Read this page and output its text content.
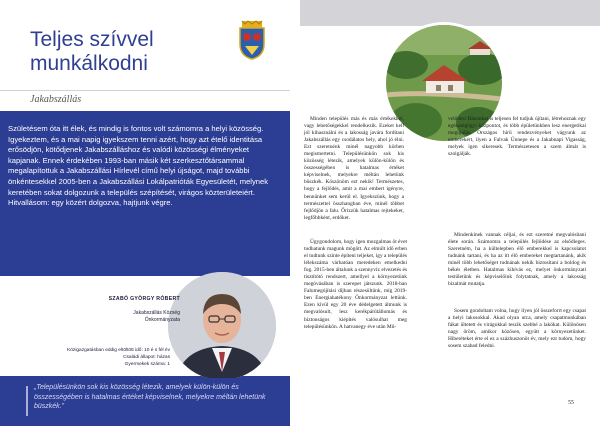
Teljes szívvel
munkálkodni
Jakabszállás
Születésem óta itt élek, és mindig is fontos volt számomra a helyi közösség. Igyekeztem, és a mai napig igyekszem tenni azért, hogy azt ételő identitása erősödjön, kötődjenek Jakabszálláshoz és valódi közösségi élményeket kapjanak. Ennek érdekében 1993-ban másik két szerkesztőtársammal megalapítottuk a Jakabszállási Hírlevél című helyi újságot, majd további önkéntesekkel 2005-ben a Jakabszállási Lokálpatrióták Egyesületét, melynek keretében sokat dolgozunk a település szépítését, virágos közterületeiért. Hitvallásom: egy közért dolgozva, hajtjunk végre.
SZABÓ GYÖRGY RÓBERT
Jakabszállás Község
Önkormányzata
Közigazgatásban eddig eltöltött idő: 10 é s fél év
Családi állapot: házas
Gyermekek száma: 1
„Településünkön sok kis közösség létezik, amelyek külön-külön és összességében is hatalmas értéket képviselnek, melyekre méltán lehetünk büszkék.”

Minden település más és más értékekkel, vagy lehetőségekkel rendelkezik. Ezeket kell jól kihasználni és a lakosság javára fordítani Jakabszállás egy csodálatos hely, ahol jó élni. Ezt szeretnénk minél nagyobb körben megismertetni. Településünkön sok kis közösség létezik, amelyek külön-külön és összességében is hatalmas értéket képviselnek, melyekre méltán lehetünk büszkék. Köszönöm ezt nekik! Természetes, hogy a fejlődés, amit a mai embert igényre, bennünket sem kerül el. Igyekszünk, hogy a természettel összhangban éve, minél többet fejlődjön a falu. Őrizzük hatalmas rejtekeket, legfőbbként, erdőket.

Ügygondolom, hogy igen mozgalmas öt évet tudhatunk magunk mögött. Az elmúlt idő erben el tudtunk szinte építeni teljeket, így a település lélekszáma várhatóan meredeken emelkedni fog. 2015-ben általunk a szennyvíz elvezetés és tisztítótó rendszert, amellyel a környezetünk megóvásában is szerepet játszunk. 2018-ban Falumegújítási díjban részesültünk, míg 2019-ben Energiahatékony Önkormányzat lettünk. Ezen kívül egy 20 éve dédelgetett álmunk is megvalósult, lesz kerékpárútállomás és biztonságos kiépítés valósulhat meg településünkön. A hatvanegy éve után Mű-

velődési Házunkat is teljesen fel tudjuk újítani, létrehoznak egy egészségügyi központot, és több épületünkben lesz energetikai megújulás. Országos hírű rendezvényeket vágyunk az emberekért, ilyen a Falvak Ünnepe és a Jakabnapi Vigasság, melyek igen sikeresek. Természetesen a szem álmát is szolgálják.

Mindenkinek vannak céljai, és ezt szeretné megvalósítani élete során. Számomra a település fejlődése az elsődleges. Szeretném, ha a kültelepben élő emberekkel is kapcsolatot tudnánk tartani, és ha az itt élő embereket megtartanánk, akik minél több lehetőséget tudnának nekik biztosítani a boldog és békés életben. Hatalmas kihívás ez, melyet önkormányzati testületünk és képviselőink folytatnak, amely a lakosság bizalmát mutatja.

Sosem gondoltam volna, hogy ilyen jól összeforrt egy csapat a helyi lakosokkal. Akad olyan utca, amely csapatmunkában fákat ültetett és virágokkal teszik szebbé a lakókat. Különösen nagy öröm, amikor közösen, együtt a környezetünket. Hiberéteket érte el ez a százhuszonöt év, mely ezt tudom, hogy sosem szabad feledni.

55
